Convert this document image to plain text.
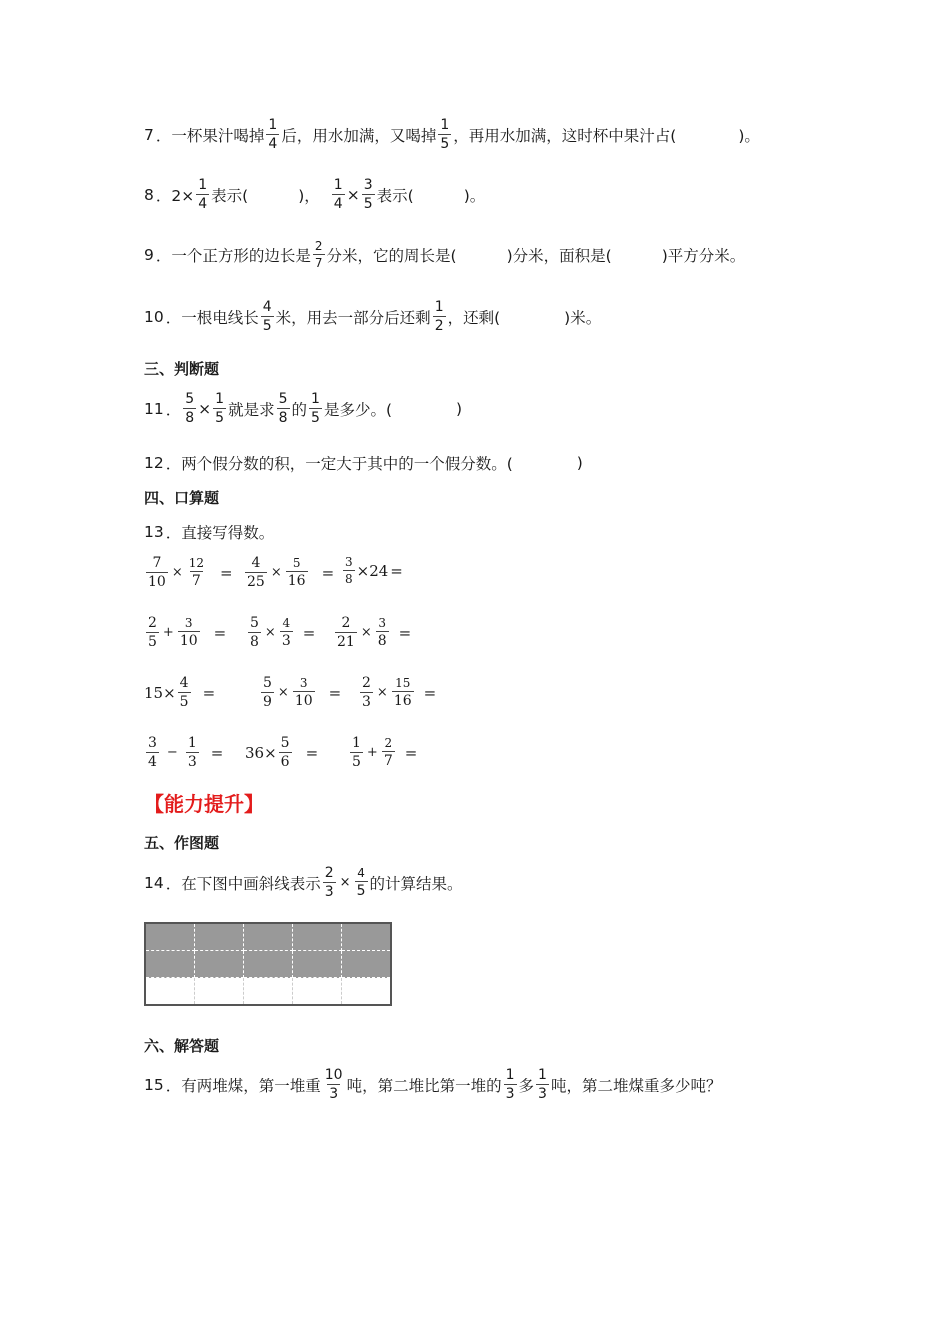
7 ．一杯果汁喝掉 $\frac{1}{4}$ 后，用水加满，又喝掉 $\frac{1}{5}$ ，再用水加满，这时杯中果汁占(	)。
8 ．$2\times \frac{1}{4}$ 表示(	)， $\frac{1}{4} \times \frac{3}{5}$ 表示(	)。
9 ．一个正方形的边长是 $\frac{2}{7}$ 分米，它的周长是(	)分米，面积是(	)平方分米。
10 ．一根电线长 $\frac{4}{5}$ 米，用去一部分后还剩 $\frac{1}{2}$ ，还剩(	)米。
三、判断题
11 ． $\frac{5}{8} \times \frac{1}{5}$ 就是求 $\frac{5}{8}$ 的 $\frac{1}{5}$ 是多少。(	)
12 ．两个假分数的积，一定大于其中的一个假分数。(	)
四、口算题
13 ．直接写得数。
$\frac{7}{10} \times \frac{12}{7} = \frac{4}{25} \times \frac{5}{16} = \frac{3}{8} \times 24$ =
$\frac{2}{5} + \frac{3}{10} = \frac{5}{8} \times \frac{4}{3} = \frac{2}{21} \times \frac{3}{8}$ =
$15\times \frac{4}{5}$ =	$\frac{5}{9} \times \frac{3}{10} = \frac{2}{3} \times \frac{15}{16}$ =
$\frac{3}{4} - \frac{1}{3} = 36\times \frac{5}{6} = \frac{1}{5} + \frac{2}{7}$ =
【能力提升】
五、作图题
14 ．在下图中画斜线表示 $\frac{2}{3} \times \frac{4}{5}$ 的计算结果。

六、解答题
15 ．有两堆煤，第一堆重 $\frac{10}{3}$ 吨，第二堆比第一堆的 $\frac{1}{3}$ 多 $\frac{1}{3}$ 吨，第二堆煤重多少吨？
